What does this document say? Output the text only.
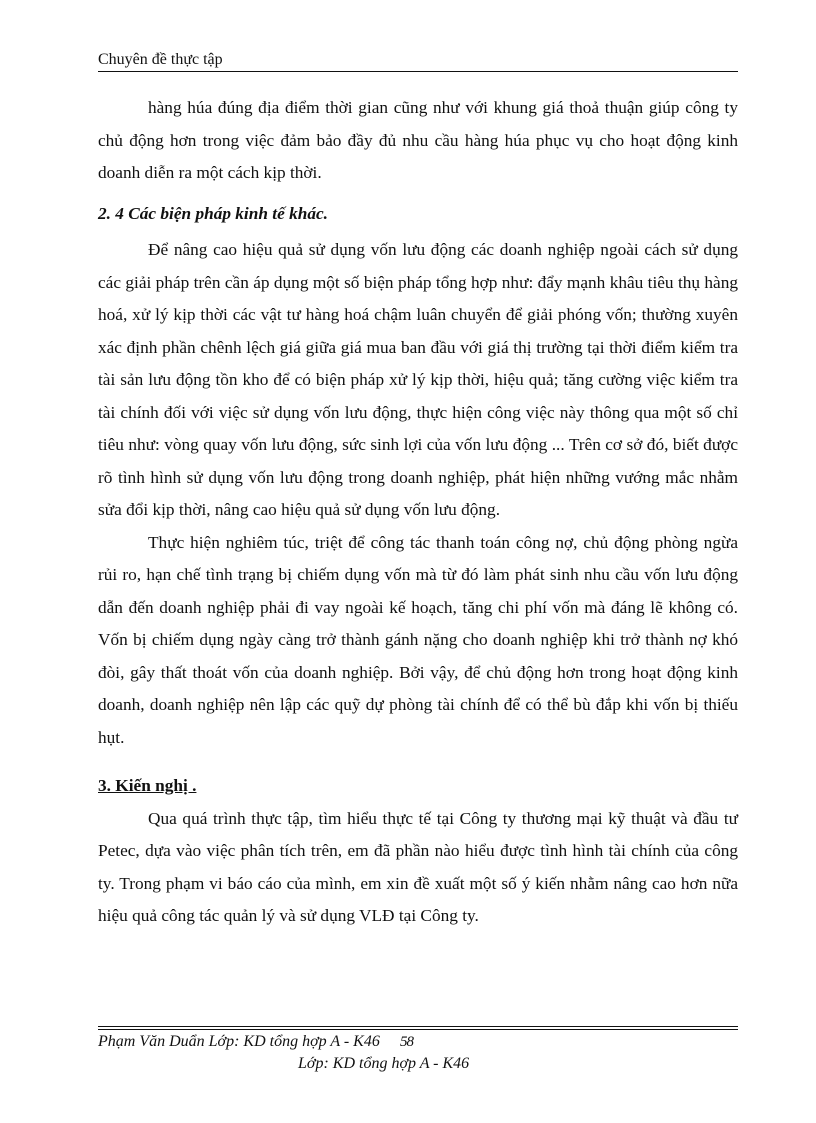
Chuyên đề thực tập

hàng húa đúng địa điểm thời gian cũng như với khung giá thoả thuận giúp công ty chủ động hơn trong việc đảm bảo đầy đủ nhu cầu hàng húa phục vụ cho hoạt động kinh doanh diễn ra một cách kịp thời.

2. 4 Các biện pháp kinh tế khác.

Để nâng cao hiệu quả sử dụng vốn lưu động các doanh nghiệp ngoài cách sử dụng các giải pháp trên cần áp dụng một số biện pháp tổng hợp như: đẩy mạnh khâu tiêu thụ hàng hoá, xử lý kịp thời các vật tư hàng hoá chậm luân chuyển để giải phóng vốn; thường xuyên xác định phần chênh lệch giá giữa giá mua ban đầu với giá thị trường tại thời điểm kiểm tra tài sản lưu động tồn kho để có biện pháp xử lý kịp thời, hiệu quả; tăng cường việc kiểm tra tài chính đối với việc sử dụng vốn lưu động, thực hiện công việc này thông qua một số chỉ tiêu như: vòng quay vốn lưu động, sức sinh lợi của vốn lưu động ... Trên cơ sở đó, biết được rõ tình hình sử dụng vốn lưu động trong doanh nghiệp, phát hiện những vướng mắc nhằm sửa đổi kịp thời, nâng cao hiệu quả sử dụng vốn lưu động.

Thực hiện nghiêm túc, triệt để công tác thanh toán công nợ, chủ động phòng ngừa rủi ro, hạn chế tình trạng bị chiếm dụng vốn mà từ đó làm phát sinh nhu cầu vốn lưu động dẫn đến doanh nghiệp phải đi vay ngoài kế hoạch, tăng chi phí vốn mà đáng lẽ không có. Vốn bị chiếm dụng ngày càng trở thành gánh nặng cho doanh nghiệp khi trở thành nợ khó đòi, gây thất thoát vốn của doanh nghiệp. Bởi vậy, để chủ động hơn trong hoạt động kinh doanh, doanh nghiệp nên lập các quỹ dự phòng tài chính để có thể bù đắp khi vốn bị thiếu hụt.

3. Kiến nghị .

Qua quá trình thực tập, tìm hiểu thực tế tại Công ty thương mại kỹ thuật và đầu tư Petec, dựa vào việc phân tích trên, em đã phần nào hiểu được tình hình tài chính của công ty. Trong phạm vi báo cáo của mình, em xin đề xuất một số ý kiến nhằm nâng cao hơn nữa hiệu quả công tác quản lý và sử dụng VLĐ tại Công ty.

Phạm Văn Duẩn Lớp: KD tổng hợp A - K46 58
Lớp: KD tổng hợp A - K46
